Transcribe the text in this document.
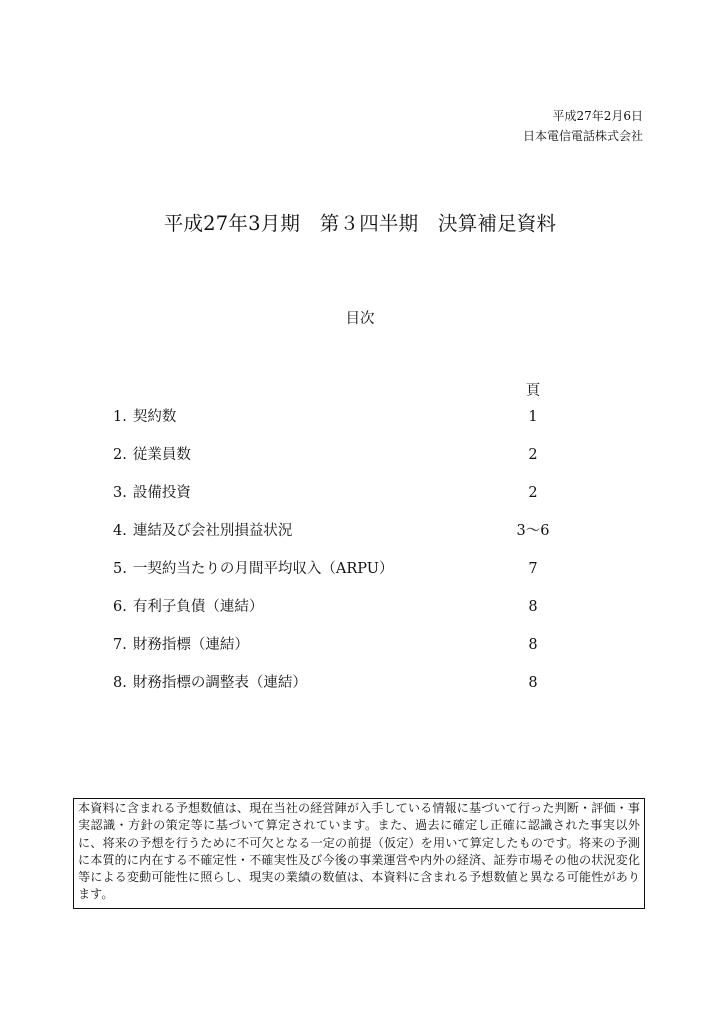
平成27年2月6日
日本電信電話株式会社
平成27年3月期　第３四半期　決算補足資料
目次
頁
1. 契約数	1
2. 従業員数	2
3. 設備投資	2
4. 連結及び会社別損益状況	3～6
5. 一契約当たりの月間平均収入（ARPU）	7
6. 有利子負債（連結）	8
7. 財務指標（連結）	8
8. 財務指標の調整表（連結）	8
本資料に含まれる予想数値は、現在当社の経営陣が入手している情報に基づいて行った判断・評価・事実認識・方針の策定等に基づいて算定されています。また、過去に確定し正確に認識された事実以外に、将来の予想を行うために不可欠となる一定の前提（仮定）を用いて算定したものです。将来の予測に本質的に内在する不確定性・不確実性及び今後の事業運営や内外の経済、証券市場その他の状況変化等による変動可能性に照らし、現実の業績の数値は、本資料に含まれる予想数値と異なる可能性があります。
